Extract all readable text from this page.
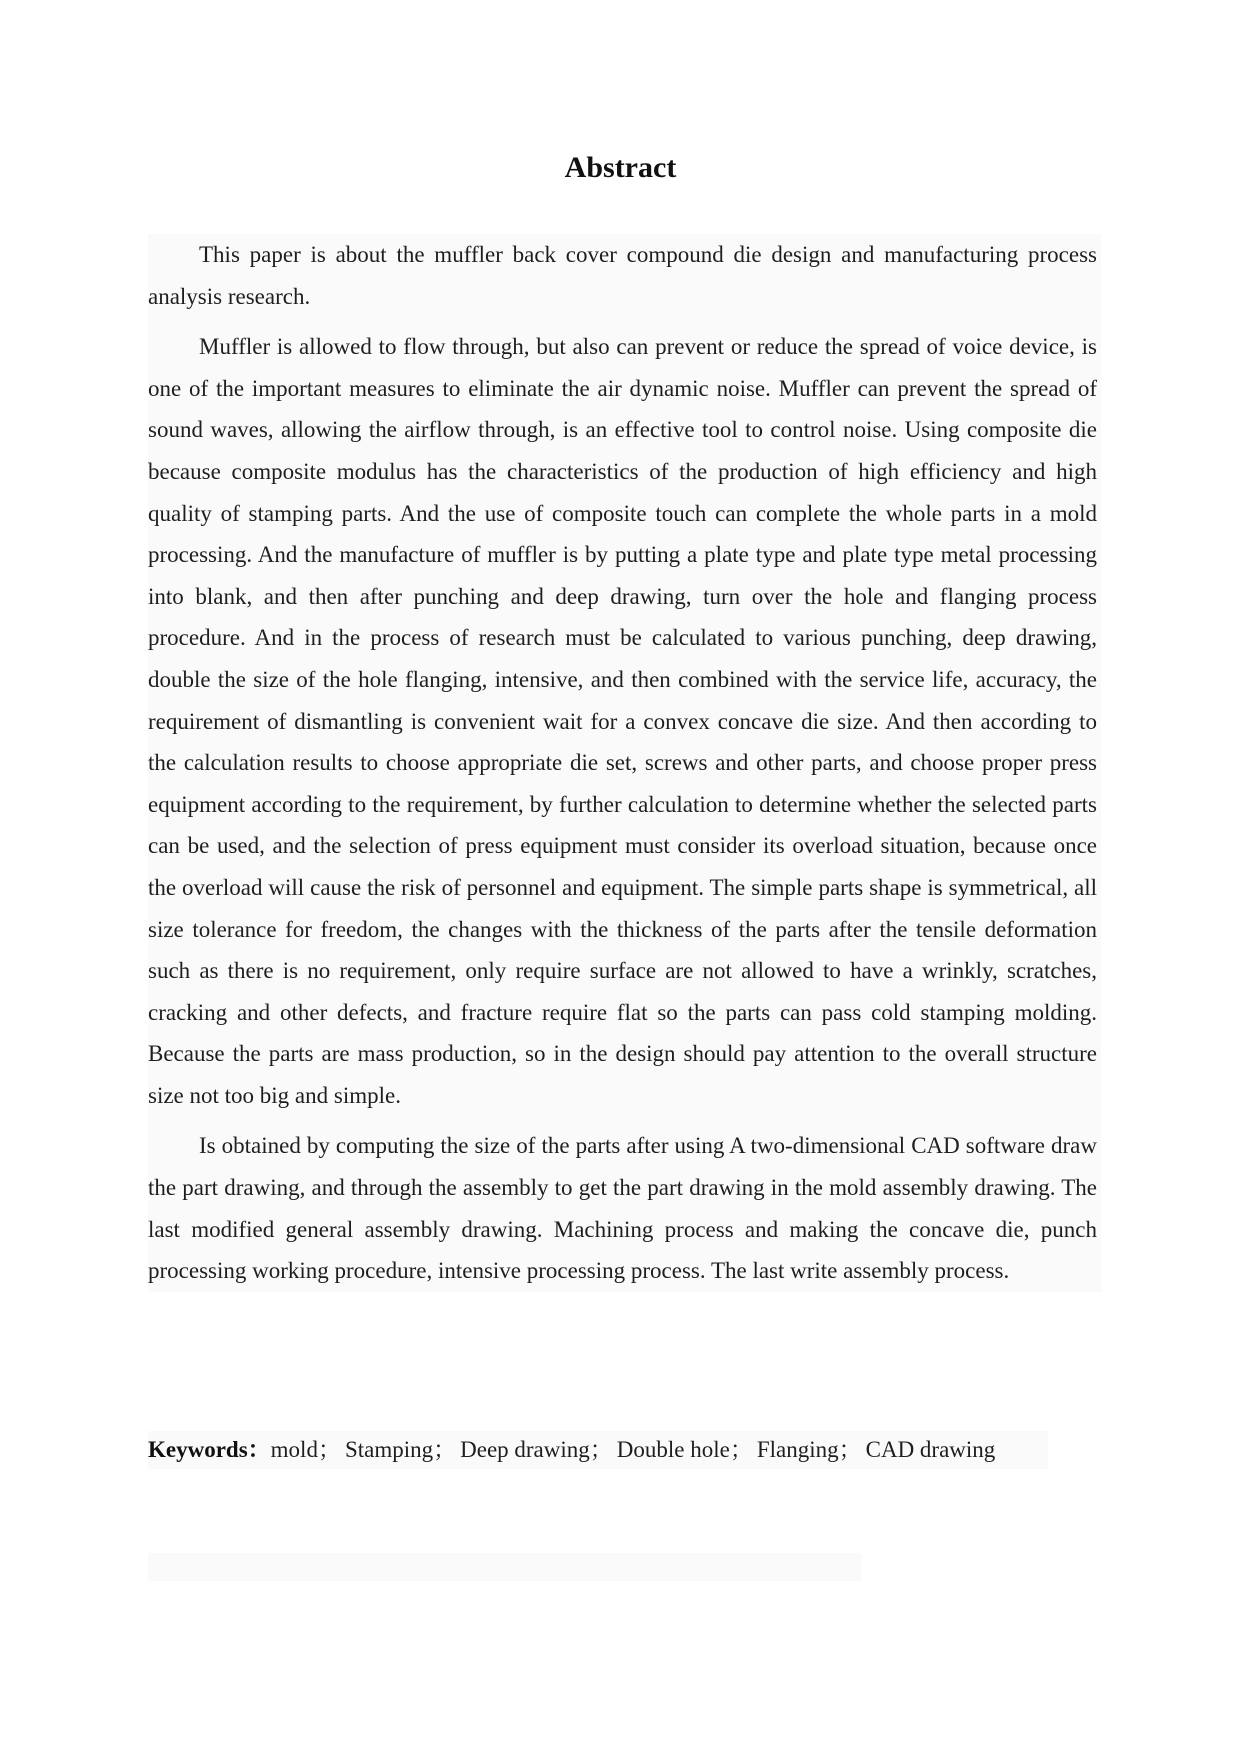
Abstract

This paper is about the muffler back cover compound die design and manufacturing process analysis research.

Muffler is allowed to flow through, but also can prevent or reduce the spread of voice device, is one of the important measures to eliminate the air dynamic noise. Muffler can prevent the spread of sound waves, allowing the airflow through, is an effective tool to control noise. Using composite die because composite modulus has the characteristics of the production of high efficiency and high quality of stamping parts. And the use of composite touch can complete the whole parts in a mold processing. And the manufacture of muffler is by putting a plate type and plate type metal processing into blank, and then after punching and deep drawing, turn over the hole and flanging process procedure. And in the process of research must be calculated to various punching, deep drawing, double the size of the hole flanging, intensive, and then combined with the service life, accuracy, the requirement of dismantling is convenient wait for a convex concave die size. And then according to the calculation results to choose appropriate die set, screws and other parts, and choose proper press equipment according to the requirement, by further calculation to determine whether the selected parts can be used, and the selection of press equipment must consider its overload situation, because once the overload will cause the risk of personnel and equipment. The simple parts shape is symmetrical, all size tolerance for freedom, the changes with the thickness of the parts after the tensile deformation such as there is no requirement, only require surface are not allowed to have a wrinkly, scratches, cracking and other defects, and fracture require flat so the parts can pass cold stamping molding. Because the parts are mass production, so in the design should pay attention to the overall structure size not too big and simple.

Is obtained by computing the size of the parts after using A two-dimensional CAD software draw the part drawing, and through the assembly to get the part drawing in the mold assembly drawing. The last modified general assembly drawing. Machining process and making the concave die, punch processing working procedure, intensive processing process. The last write assembly process.

Keywords：mold； Stamping； Deep drawing； Double hole； Flanging； CAD drawing
